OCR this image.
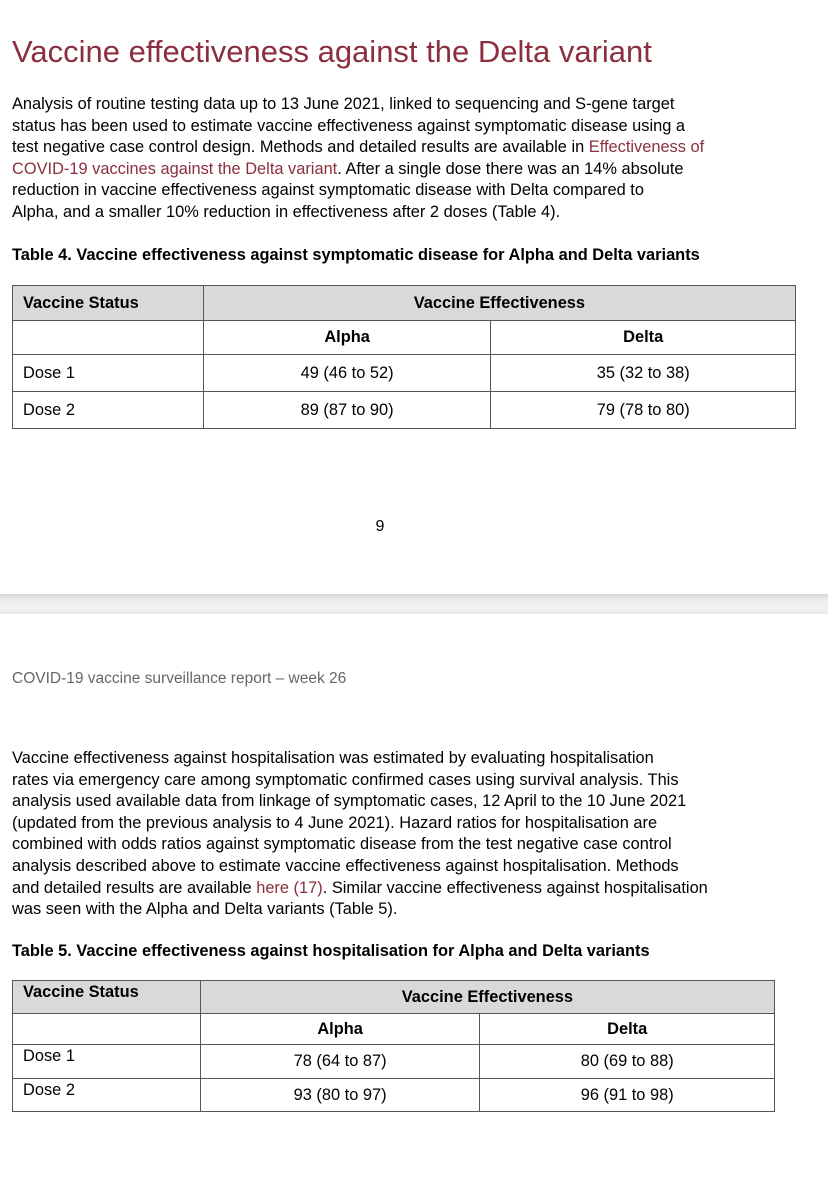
Vaccine effectiveness against the Delta variant

Analysis of routine testing data up to 13 June 2021, linked to sequencing and S-gene target
status has been used to estimate vaccine effectiveness against symptomatic disease using a
test negative case control design. Methods and detailed results are available in Effectiveness of
COVID-19 vaccines against the Delta variant. After a single dose there was an 14% absolute
reduction in vaccine effectiveness against symptomatic disease with Delta compared to
Alpha, and a smaller 10% reduction in effectiveness after 2 doses (Table 4).

Table 4. Vaccine effectiveness against symptomatic disease for Alpha and Delta variants

Vaccine Status	Vaccine Effectiveness	
	Alpha	Delta
Dose 1	49 (46 to 52)	35 (32 to 38)
Dose 2	89 (87 to 90)	79 (78 to 80)
9
COVID-19 vaccine surveillance report – week 26

Vaccine effectiveness against hospitalisation was estimated by evaluating hospitalisation
rates via emergency care among symptomatic confirmed cases using survival analysis. This
analysis used available data from linkage of symptomatic cases, 12 April to the 10 June 2021
(updated from the previous analysis to 4 June 2021). Hazard ratios for hospitalisation are
combined with odds ratios against symptomatic disease from the test negative case control
analysis described above to estimate vaccine effectiveness against hospitalisation. Methods
and detailed results are available here (17). Similar vaccine effectiveness against hospitalisation
was seen with the Alpha and Delta variants (Table 5).

Table 5. Vaccine effectiveness against hospitalisation for Alpha and Delta variants

Vaccine Status	Vaccine Effectiveness	
	Alpha	Delta
Dose 1	78 (64 to 87)	80 (69 to 88)
Dose 2	93 (80 to 97)	96 (91 to 98)
